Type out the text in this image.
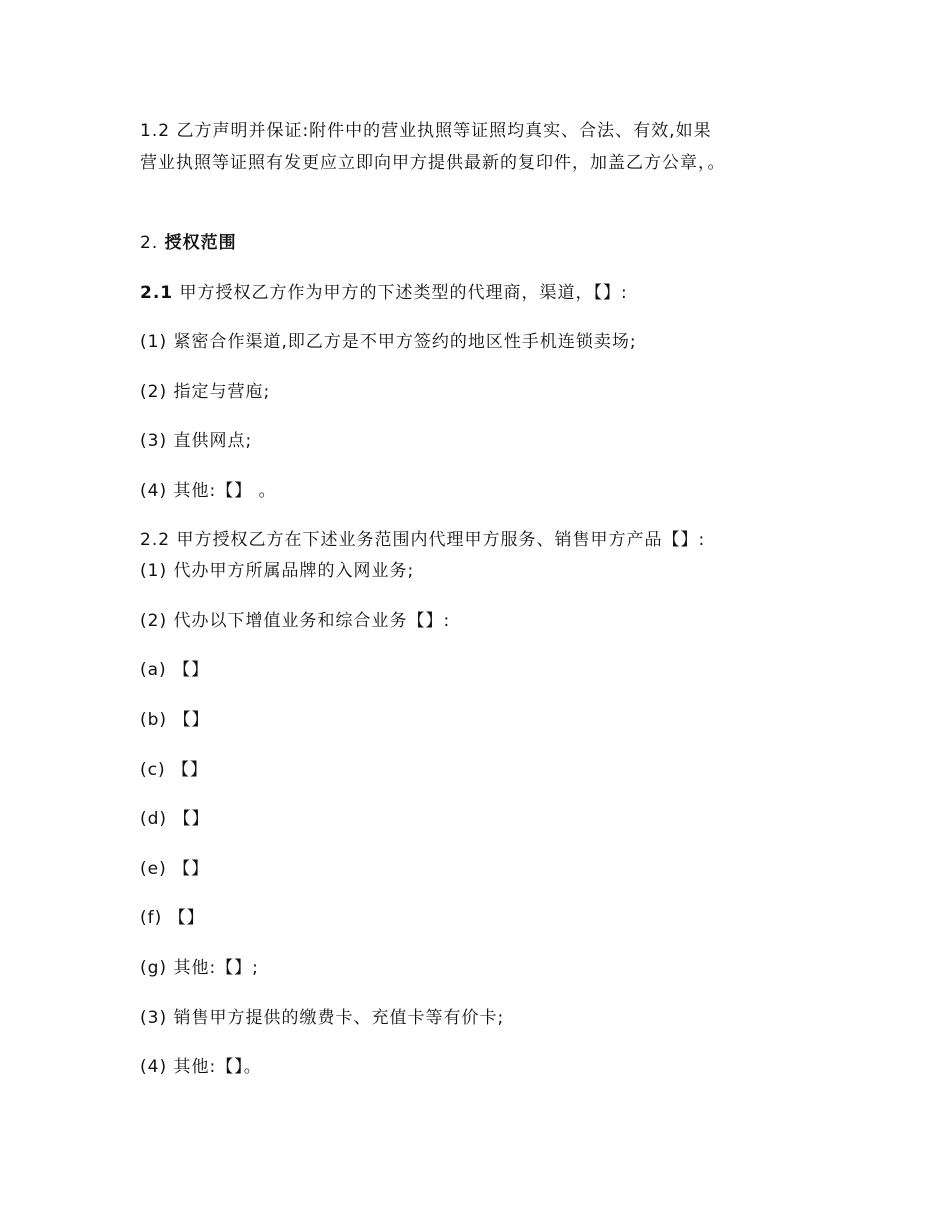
1.2 乙方声明并保证:附件中的营业执照等证照均真实、合法、有效,如果
营业执照等证照有发更应立即向甲方提供最新的复印件，加盖乙方公章，。
2. 授权范围
2.1 甲方授权乙方作为甲方的下述类型的代理商，渠道，【】:
(1) 紧密合作渠道,即乙方是不甲方签约的地区性手机连锁卖场;
(2) 指定与营庖;
(3) 直供网点;
(4) 其他:【】 。
2.2 甲方授权乙方在下述业务范围内代理甲方服务、销售甲方产品【】:
(1) 代办甲方所属品牌的入网业务;
(2) 代办以下增值业务和综合业务【】:
(a) 【】
(b) 【】
(c) 【】
(d) 【】
(e) 【】
(f) 【】
(g) 其他:【】;
(3) 销售甲方提供的缴费卡、充值卡等有价卡;
(4) 其他:【】。
